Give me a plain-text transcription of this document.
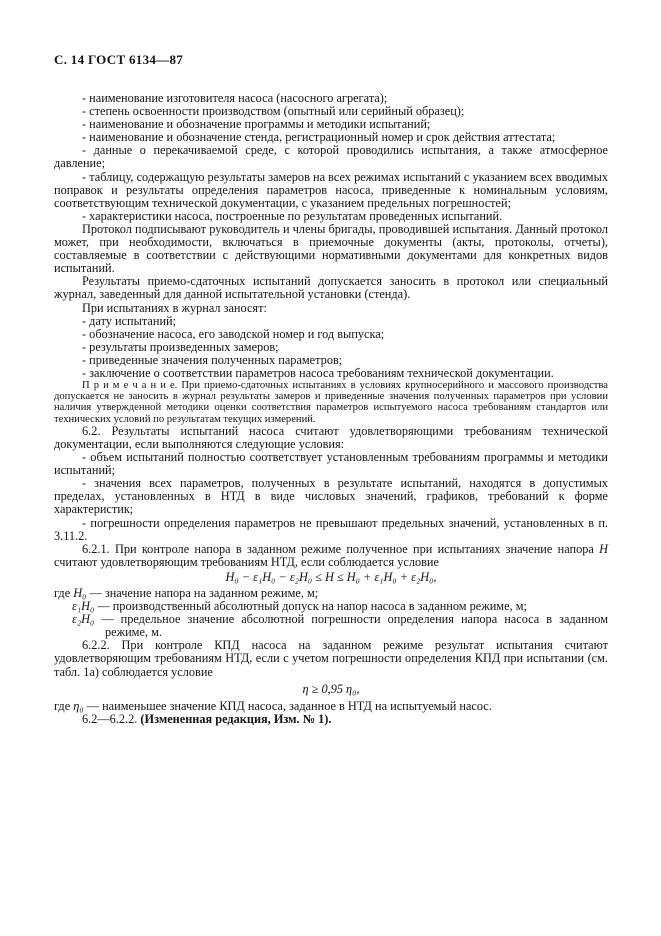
С. 14 ГОСТ 6134—87

- наименование изготовителя насоса (насосного агрегата);

- степень освоенности производством (опытный или серийный образец);

- наименование и обозначение программы и методики испытаний;

- наименование и обозначение стенда, регистрационный номер и срок действия аттестата;

- данные о перекачиваемой среде, с которой проводились испытания, а также атмосферное давление;

- таблицу, содержащую результаты замеров на всех режимах испытаний с указанием всех вводимых поправок и результаты определения параметров насоса, приведенные к номинальным условиям, соответствующим технической документации, с указанием предельных погрешностей;

- характеристики насоса, построенные по результатам проведенных испытаний.

Протокол подписывают руководитель и члены бригады, проводившей испытания. Данный протокол может, при необходимости, включаться в приемочные документы (акты, протоколы, отчеты), составляемые в соответствии с действующими нормативными документами для конкретных видов испытаний.

Результаты приемо-сдаточных испытаний допускается заносить в протокол или специальный журнал, заведенный для данной испытательной установки (стенда).

При испытаниях в журнал заносят:

- дату испытаний;

- обозначение насоса, его заводской номер и год выпуска;

- результаты произведенных замеров;

- приведенные значения полученных параметров;

- заключение о соответствии параметров насоса требованиям технической документации.

П р и м е ч а н и е. При приемо-сдаточных испытаниях в условиях крупносерийного и массового производства допускается не заносить в журнал результаты замеров и приведенные значения полученных параметров при условии наличия утвержденной методики оценки соответствия параметров испытуемого насоса требованиям стандартов или технических условий по результатам текущих измерений.

6.2. Результаты испытаний насоса считают удовлетворяющими требованиям технической документации, если выполняются следующие условия:

- объем испытаний полностью соответствует установленным требованиям программы и методики испытаний;

- значения всех параметров, полученных в результате испытаний, находятся в допустимых пределах, установленных в НТД в виде числовых значений, графиков, требований к форме характеристик;

- погрешности определения параметров не превышают предельных значений, установленных в п. 3.11.2.

6.2.1. При контроле напора в заданном режиме полученное при испытаниях значение напора H считают удовлетворяющим требованиям НТД, если соблюдается условие

H₀ − ε₁H₀ − ε₂H₀ ≤ H ≤ H₀ + ε₁H₀ + ε₂H₀,

где H₀ — значение напора на заданном режиме, м;

ε₁H₀ — производственный абсолютный допуск на напор насоса в заданном режиме, м;

ε₂H₀ — предельное значение абсолютной погрешности определения напора насоса в заданном режиме, м.

6.2.2. При контроле КПД насоса на заданном режиме результат испытания считают удовлетворяющим требованиям НТД, если с учетом погрешности определения КПД при испытании (см. табл. 1а) соблюдается условие

η ≥ 0,95 η₀,

где η₀ — наименьшее значение КПД насоса, заданное в НТД на испытуемый насос.

6.2—6.2.2. (Измененная редакция, Изм. № 1).
